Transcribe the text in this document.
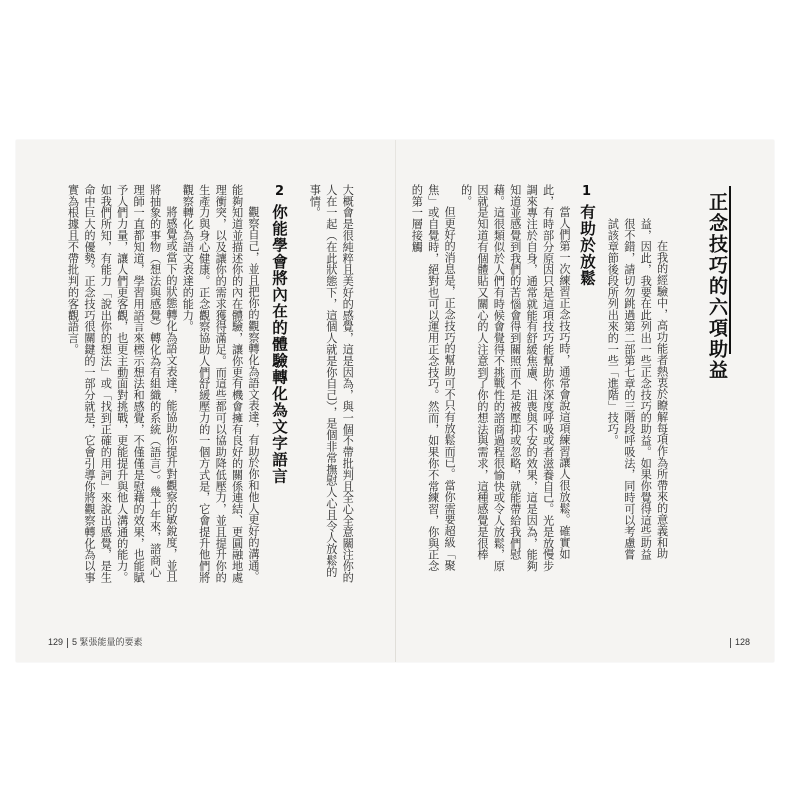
正念技巧的六項助益

在我的經驗中，高功能者熱衷於瞭解每項作為所帶來的意義和助益，因此，我要在此列出一些正念技巧的助益。如果你覺得這些助益很不錯，請切勿跳過第二部第七章的三階段呼吸法，同時可以考慮嘗試該章節後段所列出來的一些「進階」技巧。

1
有助於放鬆

當人們第一次練習正念技巧時，通常會說這項練習讓人很放鬆。確實如此，有時部分原因只是這項技巧能幫助你深度呼吸或者滋養自己。光是放慢步調來專注於自身，通常就能有舒緩焦慮、沮喪與不安的效果，這是因為，能夠知道並感覺到我們的苦惱會得到關照而不是被壓抑或忽略，就能帶給我們慰藉。這很類似於人們有時候會覺得不挑戰性的諮商過程很愉快或令人放鬆，原因就是知道有個體貼又關心的人注意到了你的想法與需求，這種感覺是很棒的。

但更好的消息是，正念技巧的幫助可不只有放鬆而已。當你需要超級「聚焦」或自覺時，絕對也可以運用正念技巧。然而，如果你不常練習，你與正念的第一層接觸

128

大概會是很純粹且美好的感覺，這是因為，與一個不帶批判且全心全意關注你的人在一起（在此狀態下，這個人就是你自己），是個非常撫慰人心且令人放鬆的事情。

2
你能學會將內在的體驗轉化為文字語言

觀察自己，並且把你的觀察轉化為語文表達，有助於你和他人更好的溝通。能夠知道並描述你的內在體驗，讓你更有機會擁有良好的關係連結、更圓融地處理衝突，以及讓你的需求獲得滿足。而這些都可以協助降低壓力，並且提升你的生產力與身心健康。正念觀察協助人們舒緩壓力的一個方式是，它會提升他們將觀察轉化為語文表達的能力。

將感覺或當下的狀態轉化為語文表達，能協助你提升對觀察的敏銳度，並且將抽象的事物（想法與感覺）轉化為有組織的系統（語言）。幾十年來，諮商心理師一直都知道，學習用語言來標示想法和感覺，不僅僅是慰藉的效果，也能賦予人們力量，讓人們更客觀，也更主動面對挑戰，更能提升與他人溝通的能力。如我們所知，有能力「說出你的想法」或「找到正確的用詞」來說出感覺，是生命中巨大的優勢。正念技巧很關鍵的一部分就是，它會引導你將觀察轉化為以事實為根據且不帶批判的客觀語言。

129 5 緊張能量的要素
